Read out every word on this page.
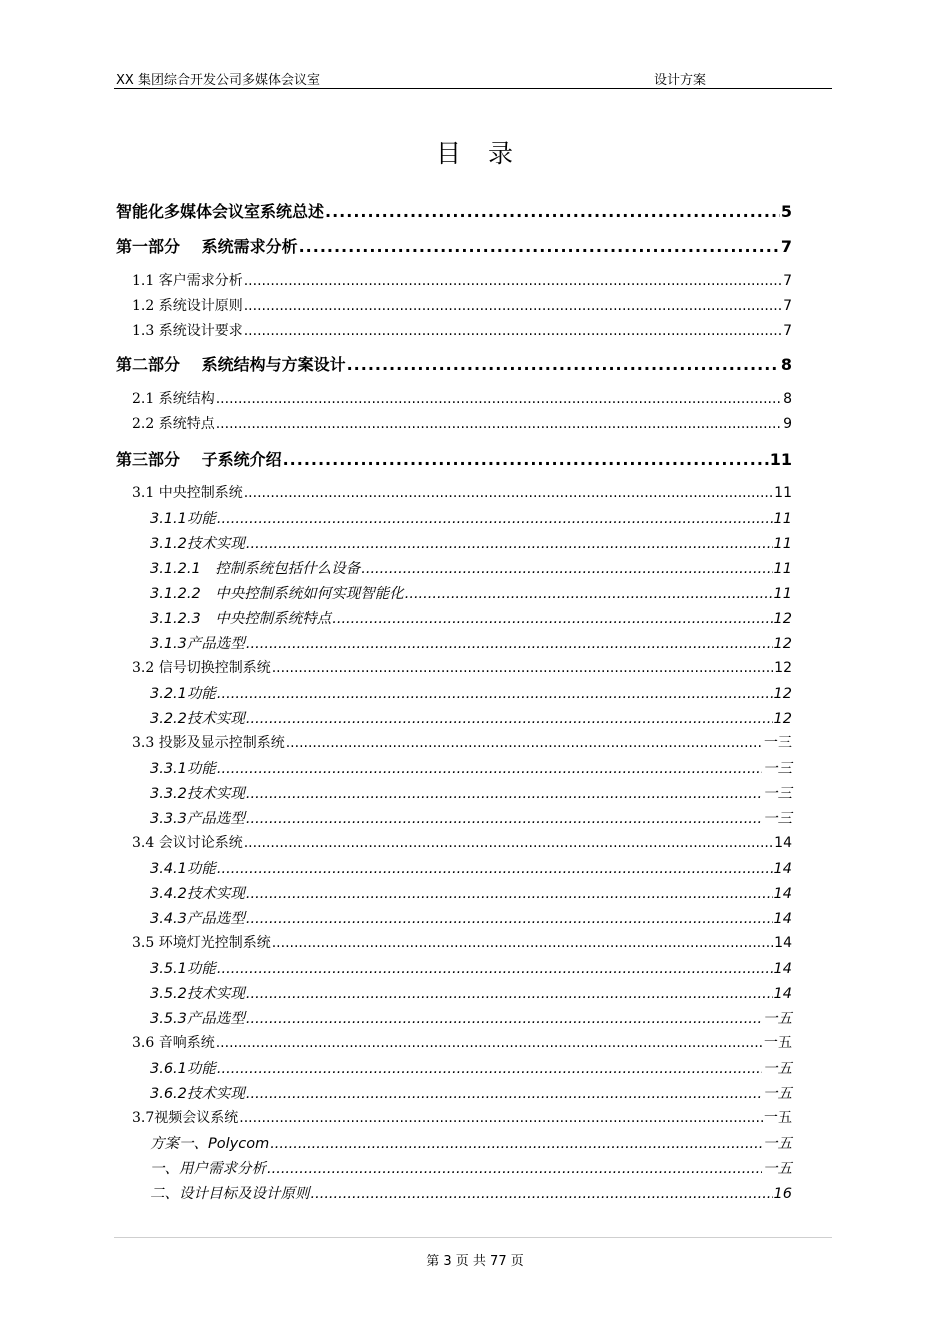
XX 集团综合开发公司多媒体会议室	设计方案
目　录
智能化多媒体会议室系统总述 .....	5
第一部分　 系统需求分析 .....	7
1.1 客户需求分析 .....	7
1.2 系统设计原则 .....	7
1.3 系统设计要求 .....	7
第二部分　 系统结构与方案设计 .....	8
2.1 系统结构 .....	8
2.2 系统特点 .....	9
第三部分　 子系统介绍 .....	11
3.1 中央控制系统 .....	11
3.1.1功能 .....	11
3.1.2技术实现 .....	11
3.1.2.1　控制系统包括什么设备 .....	11
3.1.2.2　中央控制系统如何实现智能化 .....	11
3.1.2.3　中央控制系统特点 .....	12
3.1.3产品选型 .....	12
3.2 信号切换控制系统 .....	12
3.2.1功能 .....	12
3.2.2技术实现 .....	12
3.3 投影及显示控制系统 .....	一三
3.3.1功能 .....	一三
3.3.2技术实现 .....	一三
3.3.3产品选型 .....	一三
3.4 会议讨论系统 .....	14
3.4.1功能 .....	14
3.4.2技术实现 .....	14
3.4.3产品选型 .....	14
3.5 环境灯光控制系统 .....	14
3.5.1功能 .....	14
3.5.2技术实现 .....	14
3.5.3产品选型 .....	一五
3.6 音响系统 .....	一五
3.6.1功能 .....	一五
3.6.2技术实现 .....	一五
3.7视频会议系统 .....	一五
方案一、Polycom .....	一五
一、用户需求分析 .....	一五
二、设计目标及设计原则 .....	16
第 3 页 共 77 页
